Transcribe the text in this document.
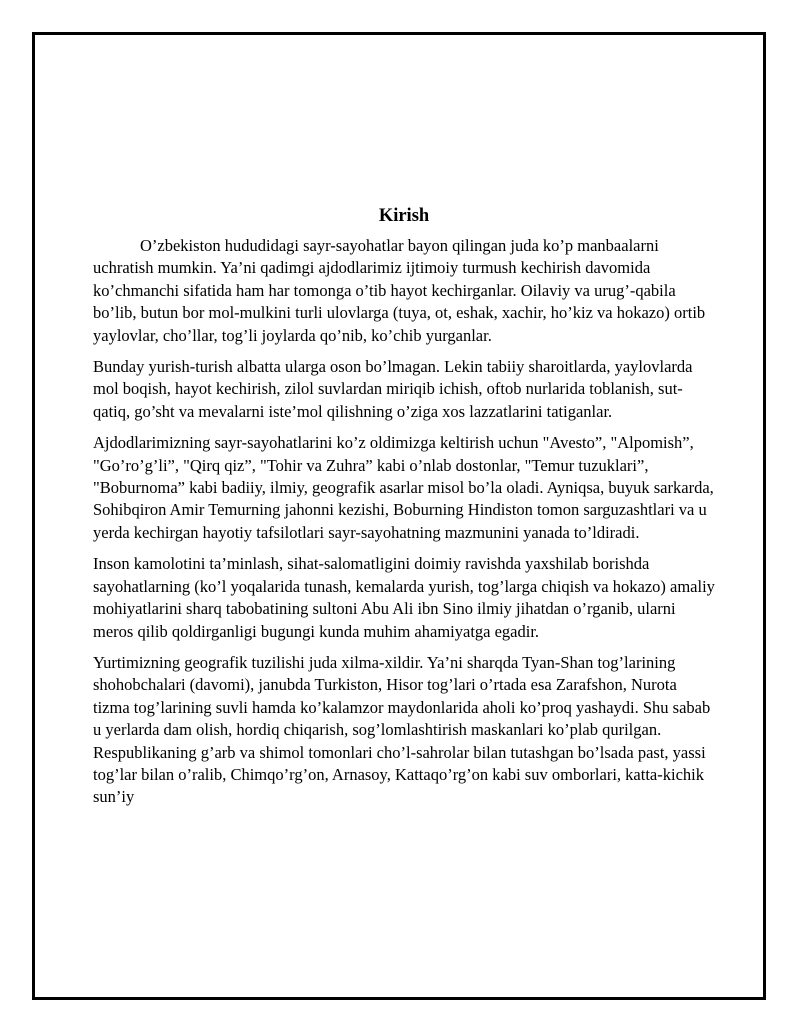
Kirish

O’zbekiston hududidagi sayr-sayohatlar bayon qilingan juda ko’p manbaalarni uchratish mumkin. Ya’ni qadimgi ajdodlarimiz ijtimoiy turmush kechirish davomida ko’chmanchi sifatida ham har tomonga o’tib hayot kechirganlar. Oilaviy va urug’-qabila bo’lib, butun bor mol-mulkini turli ulovlarga (tuya, ot, eshak, xachir, ho’kiz va hokazo) ortib yaylovlar, cho’llar, tog’li joylarda qo’nib, ko’chib yurganlar.

Bunday yurish-turish albatta ularga oson bo’lmagan. Lekin tabiiy sharoitlarda, yaylovlarda mol boqish, hayot kechirish, zilol suvlardan miriqib ichish, oftob nurlarida toblanish, sut-qatiq, go’sht va mevalarni iste’mol qilishning o’ziga xos lazzatlarini tatiganlar.

Ajdodlarimizning sayr-sayohatlarini ko’z oldimizga keltirish uchun "Avesto”, "Alpomish”, "Go’ro’g’li”, "Qirq qiz”, "Tohir va Zuhra” kabi o’nlab dostonlar, "Temur tuzuklari”, "Boburnoma” kabi badiiy, ilmiy, geografik asarlar misol bo’la oladi. Ayniqsa, buyuk sarkarda, Sohibqiron Amir Temurning jahonni kezishi, Boburning Hindiston tomon sarguzashtlari va u yerda kechirgan hayotiy tafsilotlari sayr-sayohatning mazmunini yanada to’ldiradi.

Inson kamolotini ta’minlash, sihat-salomatligini doimiy ravishda yaxshilab borishda sayohatlarning (ko’l yoqalarida tunash, kemalarda yurish, tog’larga chiqish va hokazo) amaliy mohiyatlarini sharq tabobatining sultoni Abu Ali ibn Sino ilmiy jihatdan o’rganib, ularni meros qilib qoldirganligi bugungi kunda muhim ahamiyatga egadir.

Yurtimizning geografik tuzilishi juda xilma-xildir. Ya’ni sharqda Tyan-Shan tog’larining shohobchalari (davomi), janubda Turkiston, Hisor tog’lari o’rtada esa Zarafshon, Nurota tizma tog’larining suvli hamda ko’kalamzor maydonlarida aholi ko’proq yashaydi. Shu sabab u yerlarda dam olish, hordiq chiqarish, sog’lomlashtirish maskanlari ko’plab qurilgan. Respublikaning g’arb va shimol tomonlari cho’l-sahrolar bilan tutashgan bo’lsada past, yassi tog’lar bilan o’ralib, Chimqo’rg’on, Arnasoy, Kattaqo’rg’on kabi suv omborlari, katta-kichik sun’iy
